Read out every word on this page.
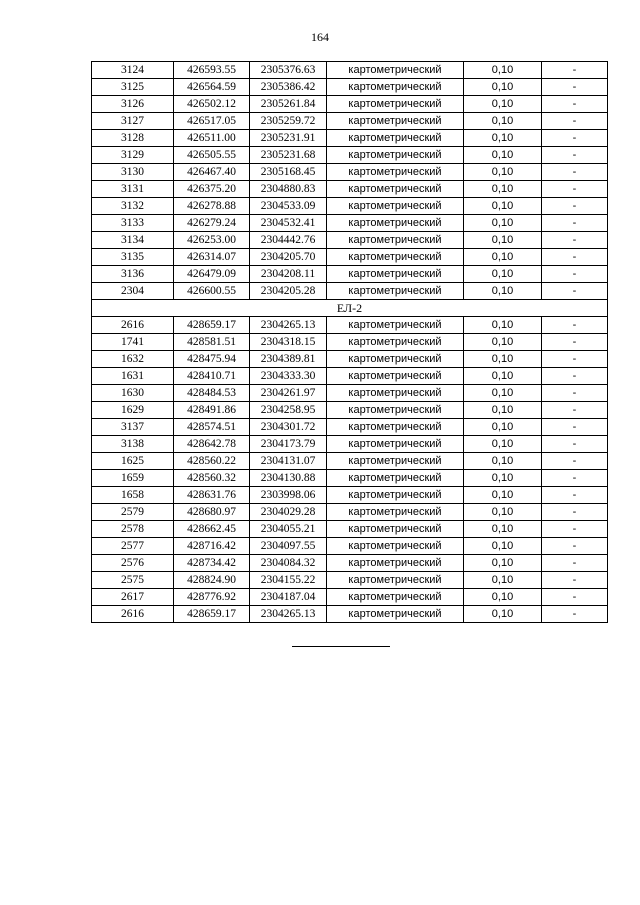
164
3124	426593.55	2305376.63	картометрический	0,10	-
3125	426564.59	2305386.42	картометрический	0,10	-
3126	426502.12	2305261.84	картометрический	0,10	-
3127	426517.05	2305259.72	картометрический	0,10	-
3128	426511.00	2305231.91	картометрический	0,10	-
3129	426505.55	2305231.68	картометрический	0,10	-
3130	426467.40	2305168.45	картометрический	0,10	-
3131	426375.20	2304880.83	картометрический	0,10	-
3132	426278.88	2304533.09	картометрический	0,10	-
3133	426279.24	2304532.41	картометрический	0,10	-
3134	426253.00	2304442.76	картометрический	0,10	-
3135	426314.07	2304205.70	картометрический	0,10	-
3136	426479.09	2304208.11	картометрический	0,10	-
2304	426600.55	2304205.28	картометрический	0,10	-
ЕЛ-2					
2616	428659.17	2304265.13	картометрический	0,10	-
1741	428581.51	2304318.15	картометрический	0,10	-
1632	428475.94	2304389.81	картометрический	0,10	-
1631	428410.71	2304333.30	картометрический	0,10	-
1630	428484.53	2304261.97	картометрический	0,10	-
1629	428491.86	2304258.95	картометрический	0,10	-
3137	428574.51	2304301.72	картометрический	0,10	-
3138	428642.78	2304173.79	картометрический	0,10	-
1625	428560.22	2304131.07	картометрический	0,10	-
1659	428560.32	2304130.88	картометрический	0,10	-
1658	428631.76	2303998.06	картометрический	0,10	-
2579	428680.97	2304029.28	картометрический	0,10	-
2578	428662.45	2304055.21	картометрический	0,10	-
2577	428716.42	2304097.55	картометрический	0,10	-
2576	428734.42	2304084.32	картометрический	0,10	-
2575	428824.90	2304155.22	картометрический	0,10	-
2617	428776.92	2304187.04	картометрический	0,10	-
2616	428659.17	2304265.13	картометрический	0,10	-
